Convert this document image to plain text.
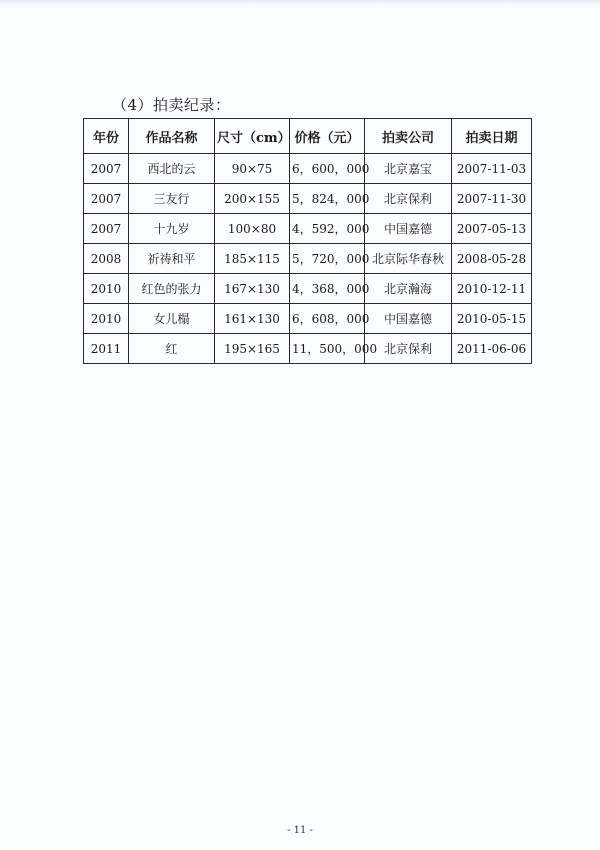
（4）拍卖纪录：
年份	作品名称	尺寸（cm）	价格（元）	拍卖公司	拍卖日期
2007	西北的云	90×75	6，600，000	北京嘉宝	2007-11-03
2007	三友行	200×155	5，824，000	北京保利	2007-11-30
2007	十九岁	100×80	4，592，000	中国嘉德	2007-05-13
2008	祈祷和平	185×115	5，720，000	北京际华春秋	2008-05-28
2010	红色的张力	167×130	4，368，000	北京瀚海	2010-12-11
2010	女儿榻	161×130	6，608，000	中国嘉德	2010-05-15
2011	红	195×165	11，500，000	北京保利	2011-06-06
- 11 -
